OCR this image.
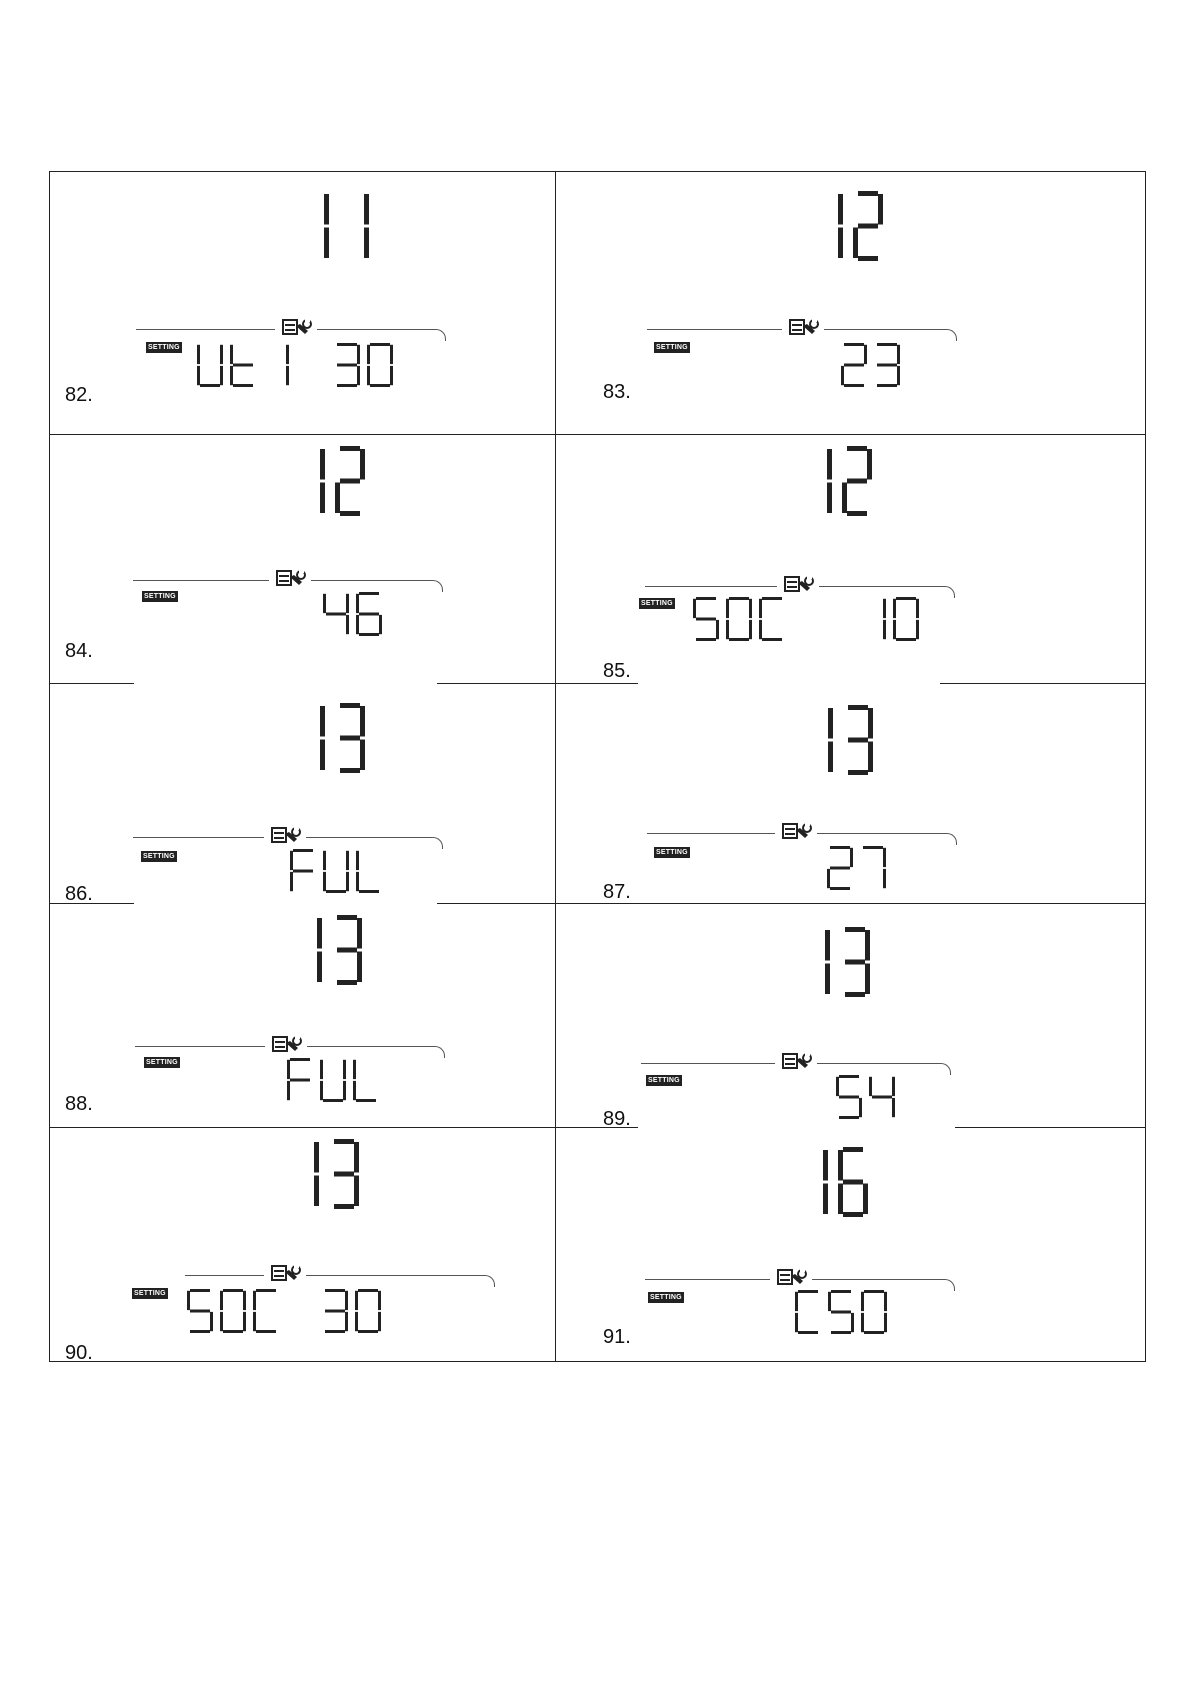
82.
SETTING
83.
SETTING
84.
SETTING
85.
SETTING
86.
SETTING
87.
SETTING
88.
SETTING
89.
SETTING
90.
SETTING
91.
SETTING
